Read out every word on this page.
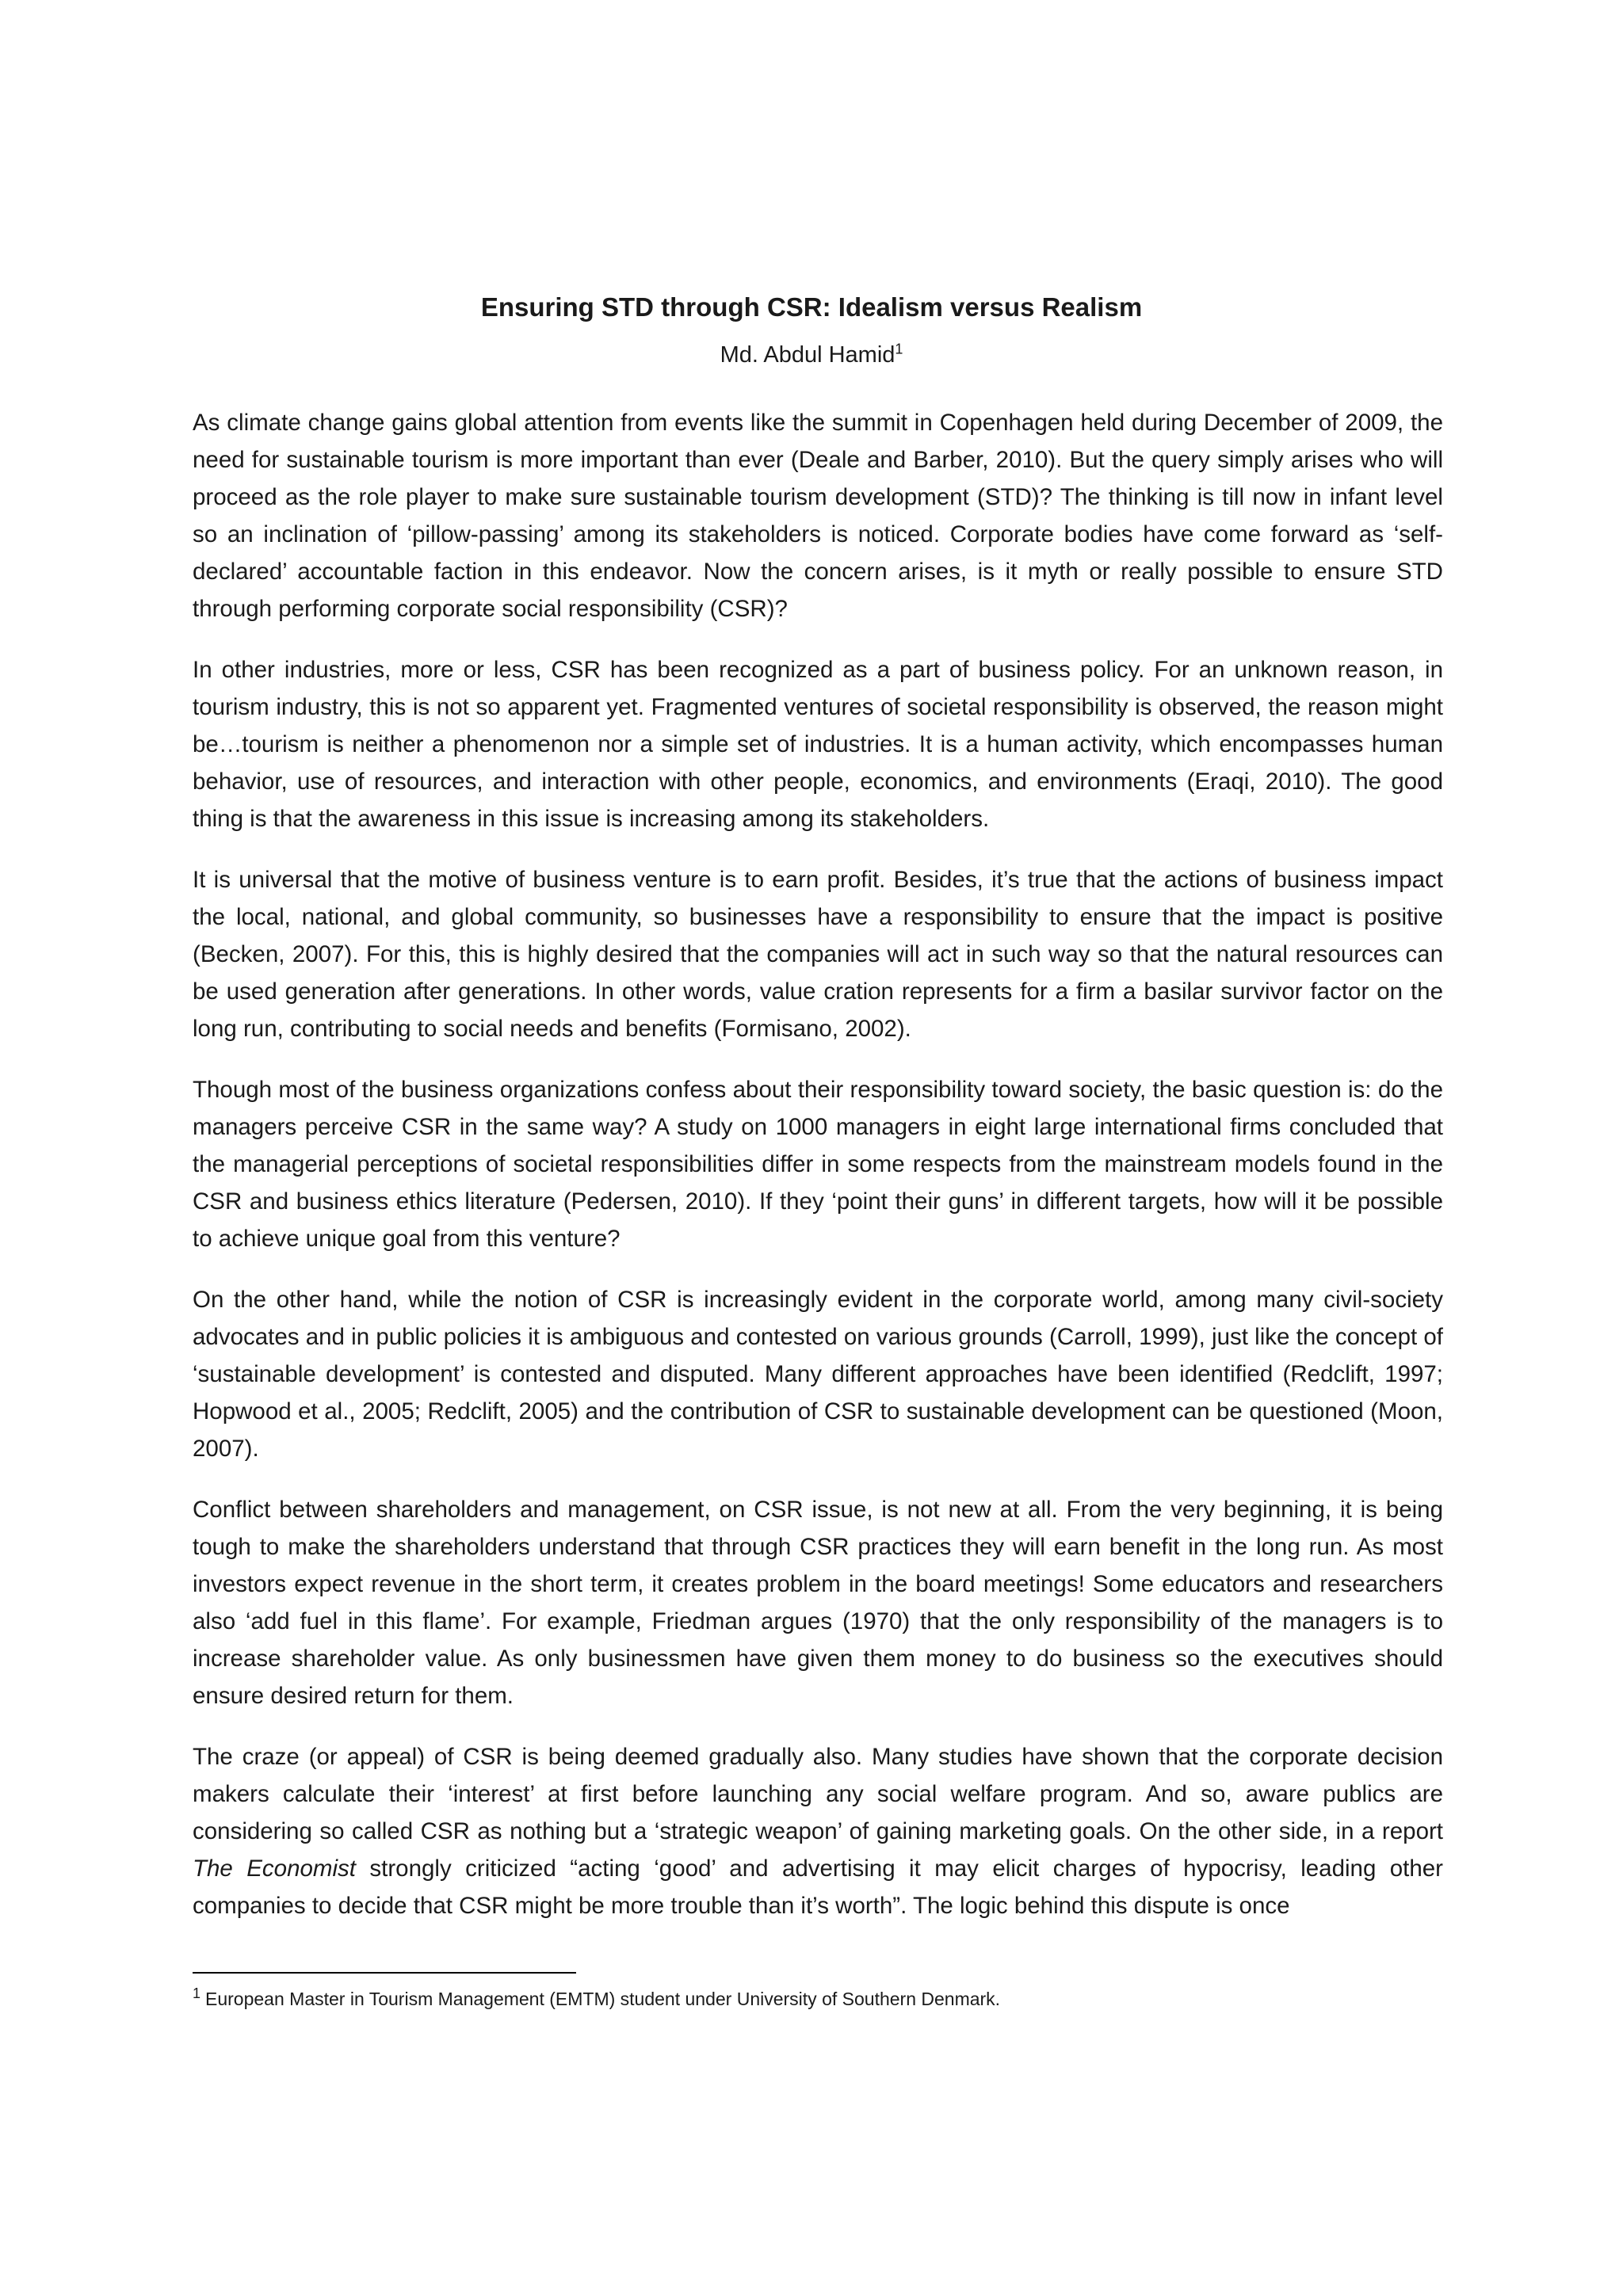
Ensuring STD through CSR: Idealism versus Realism
Md. Abdul Hamid$^1$

As climate change gains global attention from events like the summit in Copenhagen held during December of 2009, the need for sustainable tourism is more important than ever (Deale and Barber, 2010). But the query simply arises who will proceed as the role player to make sure sustainable tourism development (STD)? The thinking is till now in infant level so an inclination of ‘pillow-passing’ among its stakeholders is noticed. Corporate bodies have come forward as ‘self-declared’ accountable faction in this endeavor. Now the concern arises, is it myth or really possible to ensure STD through performing corporate social responsibility (CSR)?

In other industries, more or less, CSR has been recognized as a part of business policy. For an unknown reason, in tourism industry, this is not so apparent yet. Fragmented ventures of societal responsibility is observed, the reason might be…tourism is neither a phenomenon nor a simple set of industries. It is a human activity, which encompasses human behavior, use of resources, and interaction with other people, economics, and environments (Eraqi, 2010). The good thing is that the awareness in this issue is increasing among its stakeholders.

It is universal that the motive of business venture is to earn profit. Besides, it’s true that the actions of business impact the local, national, and global community, so businesses have a responsibility to ensure that the impact is positive (Becken, 2007). For this, this is highly desired that the companies will act in such way so that the natural resources can be used generation after generations. In other words, value cration represents for a firm a basilar survivor factor on the long run, contributing to social needs and benefits (Formisano, 2002).

Though most of the business organizations confess about their responsibility toward society, the basic question is: do the managers perceive CSR in the same way? A study on 1000 managers in eight large international firms concluded that the managerial perceptions of societal responsibilities differ in some respects from the mainstream models found in the CSR and business ethics literature (Pedersen, 2010). If they ‘point their guns’ in different targets, how will it be possible to achieve unique goal from this venture?

On the other hand, while the notion of CSR is increasingly evident in the corporate world, among many civil-society advocates and in public policies it is ambiguous and contested on various grounds (Carroll, 1999), just like the concept of ‘sustainable development’ is contested and disputed. Many different approaches have been identified (Redclift, 1997; Hopwood et al., 2005; Redclift, 2005) and the contribution of CSR to sustainable development can be questioned (Moon, 2007).

Conflict between shareholders and management, on CSR issue, is not new at all. From the very beginning, it is being tough to make the shareholders understand that through CSR practices they will earn benefit in the long run. As most investors expect revenue in the short term, it creates problem in the board meetings! Some educators and researchers also ‘add fuel in this flame’. For example, Friedman argues (1970) that the only responsibility of the managers is to increase shareholder value. As only businessmen have given them money to do business so the executives should ensure desired return for them.

The craze (or appeal) of CSR is being deemed gradually also. Many studies have shown that the corporate decision makers calculate their ‘interest’ at first before launching any social welfare program. And so, aware publics are considering so called CSR as nothing but a ‘strategic weapon’ of gaining marketing goals. On the other side, in a report The Economist strongly criticized “acting ‘good’ and advertising it may elicit charges of hypocrisy, leading other companies to decide that CSR might be more trouble than it’s worth”. The logic behind this dispute is once

$^1$ European Master in Tourism Management (EMTM) student under University of Southern Denmark.
